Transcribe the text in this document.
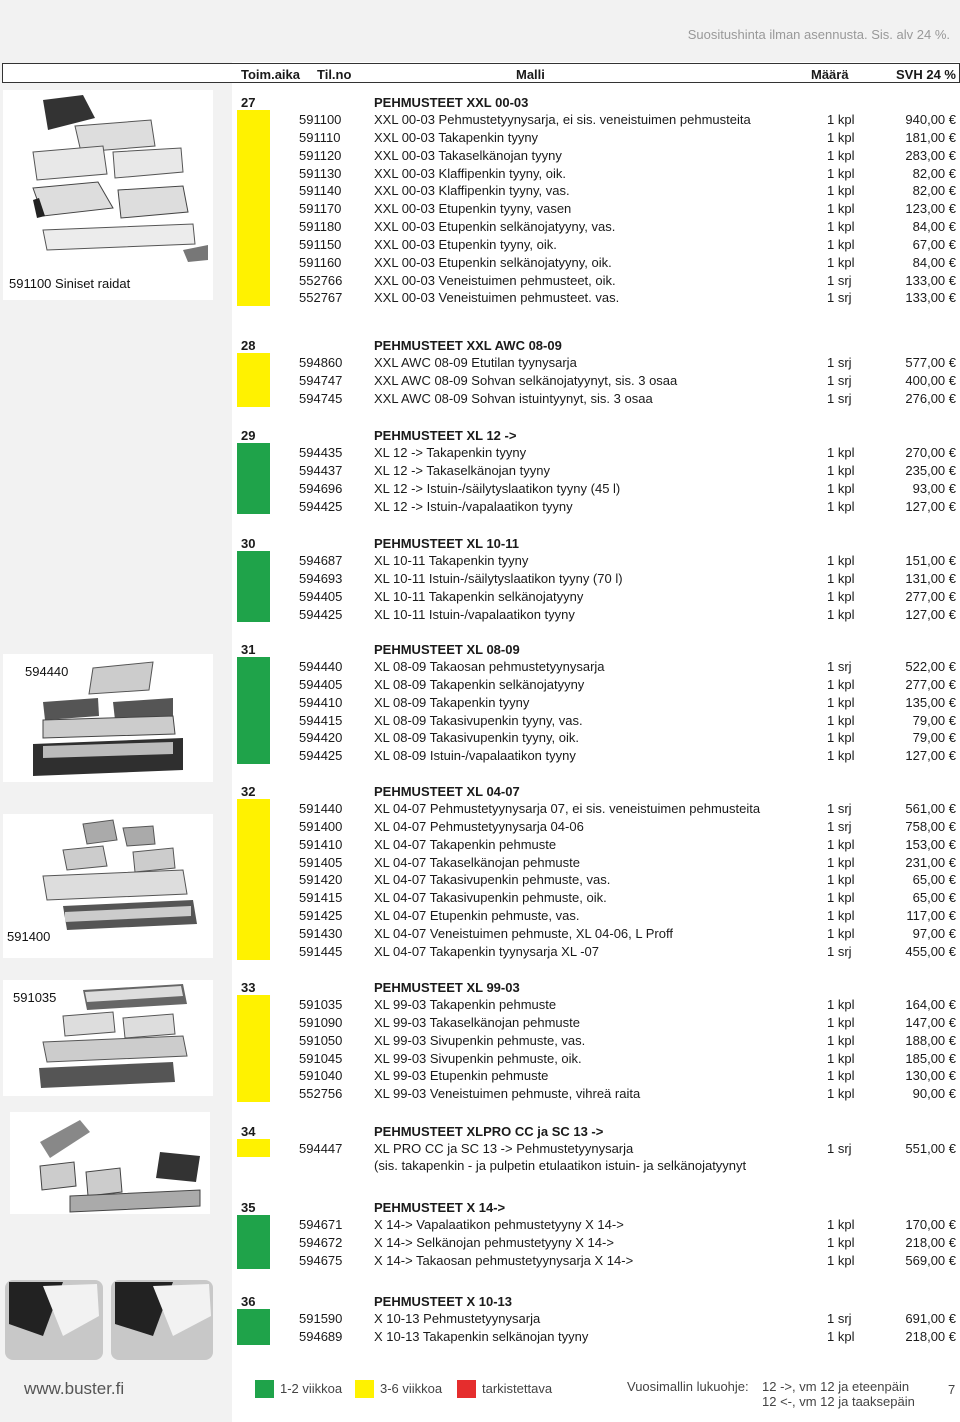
Suositushinta ilman asennusta. Sis. alv 24 %.
Toim.aika Til.no	Malli	Määrä	SVH 24 %
591100 Siniset raidat
594440
591400
591035
27	PEHMUSTEET XXL 00-03
591100	XXL 00-03 Pehmustetyynysarja, ei sis. veneistuimen pehmusteita	1 kpl	940,00 €
591110	XXL 00-03 Takapenkin tyyny	1 kpl	181,00 €
591120	XXL 00-03 Takaselkänojan tyyny	1 kpl	283,00 €
591130	XXL 00-03 Klaffipenkin tyyny, oik.	1 kpl	82,00 €
591140	XXL 00-03 Klaffipenkin tyyny, vas.	1 kpl	82,00 €
591170	XXL 00-03 Etupenkin tyyny, vasen	1 kpl	123,00 €
591180	XXL 00-03 Etupenkin selkänojatyyny, vas.	1 kpl	84,00 €
591150	XXL 00-03 Etupenkin tyyny, oik.	1 kpl	67,00 €
591160	XXL 00-03 Etupenkin selkänojatyyny, oik.	1 kpl	84,00 €
552766 XXL 00-03 Veneistuimen pehmusteet, oik.	1 srj	133,00 €
552767 XXL 00-03 Veneistuimen pehmusteet. vas.	1 srj	133,00 €
28	PEHMUSTEET XXL AWC 08-09
594860 XXL AWC 08-09 Etutilan tyynysarja	1 srj	577,00 €
594747 XXL AWC 08-09 Sohvan selkänojatyynyt, sis. 3 osaa	1 srj	400,00 €
594745 XXL AWC 08-09 Sohvan istuintyynyt, sis. 3 osaa	1 srj	276,00 €
29	PEHMUSTEET XL 12 ->
594435 XL 12 -> Takapenkin tyyny	1 kpl	270,00 €
594437 XL 12 -> Takaselkänojan tyyny	1 kpl	235,00 €
594696 XL 12 -> Istuin-/säilytyslaatikon tyyny (45 l)	1 kpl	93,00 €
594425 XL 12 -> Istuin-/vapalaatikon tyyny	1 kpl	127,00 €
30	PEHMUSTEET XL 10-11
594687 XL 10-11 Takapenkin tyyny	1 kpl	151,00 €
594693 XL 10-11 Istuin-/säilytyslaatikon tyyny (70 l)	1 kpl	131,00 €
594405 XL 10-11 Takapenkin selkänojatyyny	1 kpl	277,00 €
594425 XL 10-11 Istuin-/vapalaatikon tyyny	1 kpl	127,00 €
31	PEHMUSTEET XL 08-09
594440 XL 08-09 Takaosan pehmustetyynysarja	1 srj	522,00 €
594405 XL 08-09 Takapenkin selkänojatyyny	1 kpl	277,00 €
594410 XL 08-09 Takapenkin tyyny	1 kpl	135,00 €
594415 XL 08-09 Takasivupenkin tyyny, vas.	1 kpl	79,00 €
594420 XL 08-09 Takasivupenkin tyyny, oik.	1 kpl	79,00 €
594425 XL 08-09 Istuin-/vapalaatikon tyyny	1 kpl	127,00 €
32	PEHMUSTEET XL 04-07
591440 XL 04-07 Pehmustetyynysarja 07, ei sis. veneistuimen pehmusteita	1 srj	561,00 €
591400 XL 04-07 Pehmustetyynysarja 04-06	1 srj	758,00 €
591410 XL 04-07 Takapenkin pehmuste	1 kpl	153,00 €
591405 XL 04-07 Takaselkänojan pehmuste	1 kpl	231,00 €
591420 XL 04-07 Takasivupenkin pehmuste, vas.	1 kpl	65,00 €
591415 XL 04-07 Takasivupenkin pehmuste, oik.	1 kpl	65,00 €
591425 XL 04-07 Etupenkin pehmuste, vas.	1 kpl	117,00 €
591430 XL 04-07 Veneistuimen pehmuste, XL 04-06, L Proff	1 kpl	97,00 €
591445 XL 04-07 Takapenkin tyynysarja XL -07	1 srj	455,00 €
33	PEHMUSTEET XL 99-03
591035 XL 99-03 Takapenkin pehmuste	1 kpl	164,00 €
591090 XL 99-03 Takaselkänojan pehmuste	1 kpl	147,00 €
591050 XL 99-03 Sivupenkin pehmuste, vas.	1 kpl	188,00 €
591045 XL 99-03 Sivupenkin pehmuste, oik.	1 kpl	185,00 €
591040 XL 99-03 Etupenkin pehmuste	1 kpl	130,00 €
552756 XL 99-03 Veneistuimen pehmuste, vihreä raita	1 kpl	90,00 €
34	PEHMUSTEET XLPRO CC ja SC 13 ->
594447 XL PRO CC ja SC 13 -> Pehmustetyynysarja	1 srj	551,00 €
(sis. takapenkin - ja pulpetin etulaatikon istuin- ja selkänojatyynyt
35	PEHMUSTEET X 14->
594671 X 14-> Vapalaatikon pehmustetyyny X 14->	1 kpl	170,00 €
594672 X 14-> Selkänojan pehmustetyyny X 14->	1 kpl	218,00 €
594675 X 14-> Takaosan pehmustetyynysarja X 14->	1 kpl	569,00 €
36	PEHMUSTEET X 10-13
591590 X 10-13 Pehmustetyynysarja	1 srj	691,00 €
594689 X 10-13 Takapenkin selkänojan tyyny	1 kpl	218,00 €
www.buster.fi	1-2 viikkoa	3-6 viikkoa	tarkistettava	Vuosimallin lukuohje: 12 ->, vm 12 ja eteenpäin
12 <-, vm 12 ja taaksepäin
7
